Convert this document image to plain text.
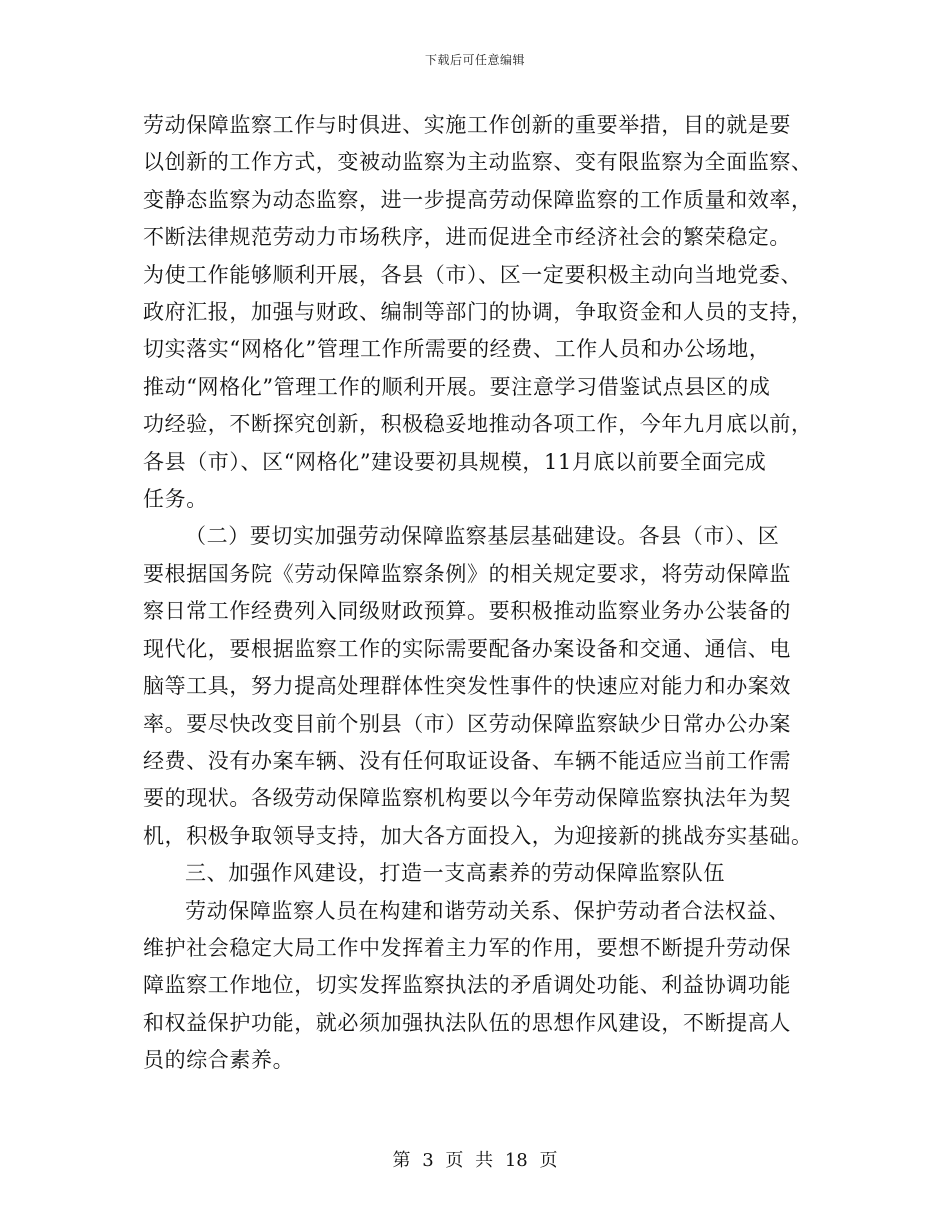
下载后可任意编辑
劳动保障监察工作与时俱进、实施工作创新的重要举措，目的就是要
以创新的工作方式，变被动监察为主动监察、变有限监察为全面监察、
变静态监察为动态监察，进一步提高劳动保障监察的工作质量和效率，
不断法律规范劳动力市场秩序，进而促进全市经济社会的繁荣稳定。
为使工作能够顺利开展，各县（市）、区一定要积极主动向当地党委、
政府汇报，加强与财政、编制等部门的协调，争取资金和人员的支持，
切实落实“网格化”管理工作所需要的经费、工作人员和办公场地，
推动“网格化”管理工作的顺利开展。要注意学习借鉴试点县区的成
功经验，不断探究创新，积极稳妥地推动各项工作，今年九月底以前，
各县（市）、区“网格化”建设要初具规模，11月底以前要全面完成
任务。
（二）要切实加强劳动保障监察基层基础建设。各县（市）、区
要根据国务院《劳动保障监察条例》的相关规定要求，将劳动保障监
察日常工作经费列入同级财政预算。要积极推动监察业务办公装备的
现代化，要根据监察工作的实际需要配备办案设备和交通、通信、电
脑等工具，努力提高处理群体性突发性事件的快速应对能力和办案效
率。要尽快改变目前个别县（市）区劳动保障监察缺少日常办公办案
经费、没有办案车辆、没有任何取证设备、车辆不能适应当前工作需
要的现状。各级劳动保障监察机构要以今年劳动保障监察执法年为契
机，积极争取领导支持，加大各方面投入，为迎接新的挑战夯实基础。
三、加强作风建设，打造一支高素养的劳动保障监察队伍
劳动保障监察人员在构建和谐劳动关系、保护劳动者合法权益、
维护社会稳定大局工作中发挥着主力军的作用，要想不断提升劳动保
障监察工作地位，切实发挥监察执法的矛盾调处功能、利益协调功能
和权益保护功能，就必须加强执法队伍的思想作风建设，不断提高人
员的综合素养。
第 3 页 共 18 页
